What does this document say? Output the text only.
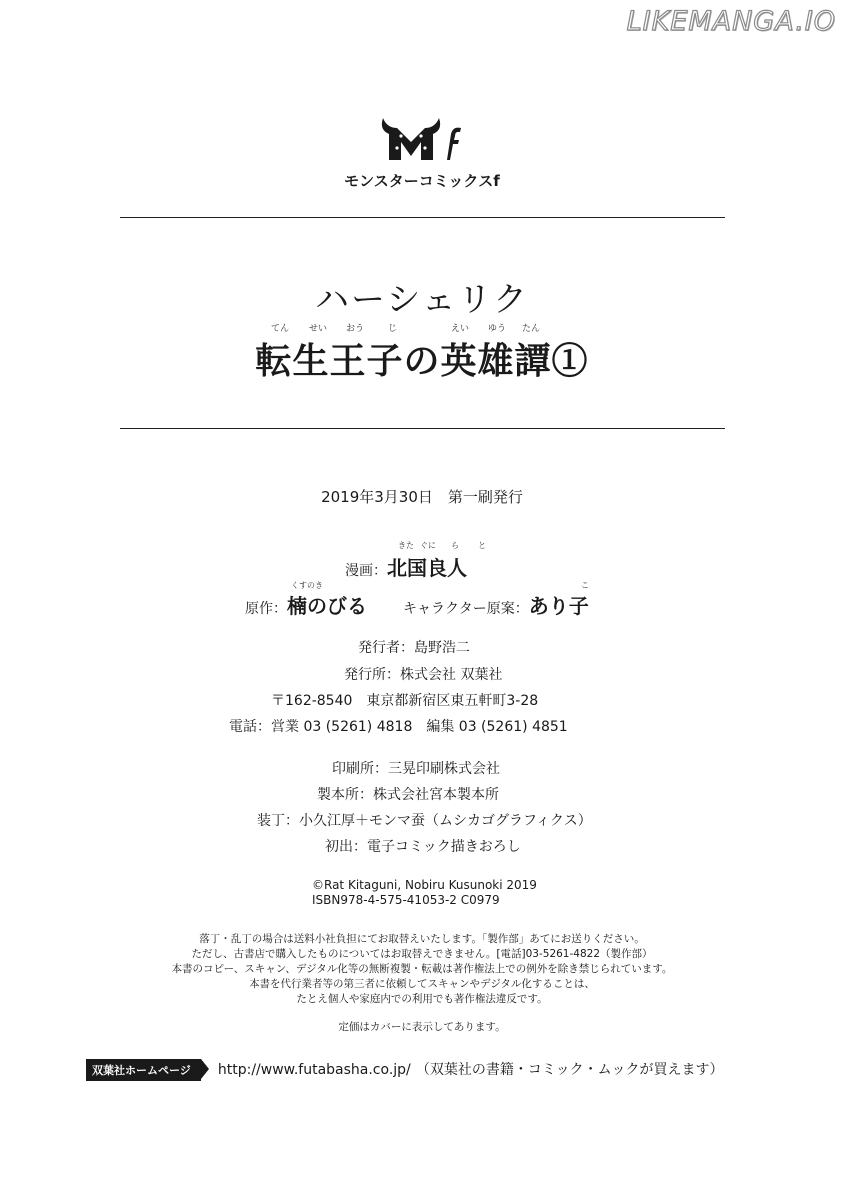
LIKEMANGA.IO
モンスターコミックスf
ハーシェリク
てん せい おう	じ	えい ゆう たん
転生王子の英雄譚①
2019年3月30日　第一刷発行
きた ぐに ら と
漫画：北国良人
くすのき	こ
原作：楠のびる	キャラクター原案：あり子
発行者：島野浩二
発行所：株式会社 双葉社
〒162-8540　東京都新宿区東五軒町3-28
電話：営業 03 (5261) 4818　編集 03 (5261) 4851
印刷所：三晃印刷株式会社
製本所：株式会社宮本製本所
装丁：小久江厚＋モンマ蚕（ムシカゴグラフィクス）
初出：電子コミック描きおろし
©Rat Kitaguni, Nobiru Kusunoki 2019
ISBN978-4-575-41053-2 C0979
落丁・乱丁の場合は送料小社負担にてお取替えいたします。「製作部」あてにお送りください。
ただし、古書店で購入したものについてはお取替えできません。[電話]03-5261-4822（製作部）
本書のコピー、スキャン、デジタル化等の無断複製・転載は著作権法上での例外を除き禁じられています。
本書を代行業者等の第三者に依頼してスキャンやデジタル化することは、
たとえ個人や家庭内での利用でも著作権法違反です。
定価はカバーに表示してあります。
双葉社ホームページ http://www.futabasha.co.jp/ （双葉社の書籍・コミック・ムックが買えます）
